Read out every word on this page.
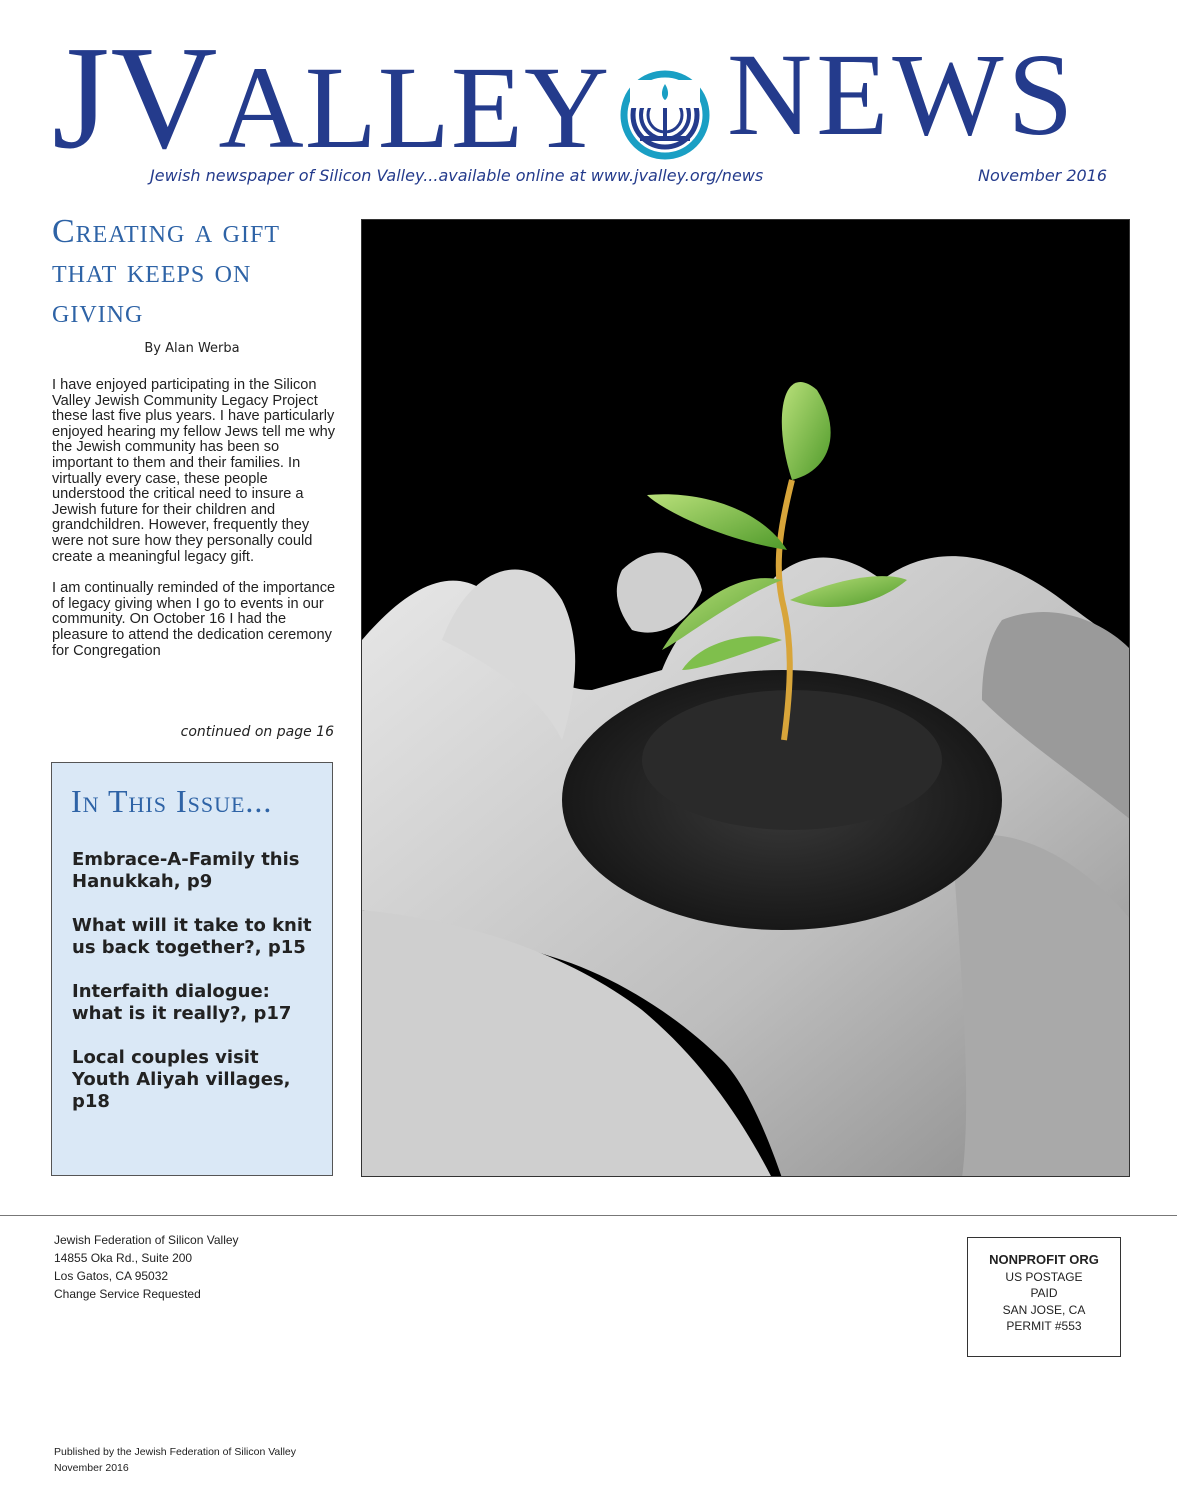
JVALLEY NEWS
Jewish newspaper of Silicon Valley...available online at www.jvalley.org/news	November 2016
Creating a gift that keeps on giving
By Alan Werba

I have enjoyed participating in the Silicon Valley Jewish Community Legacy Project these last five plus years. I have particularly enjoyed hearing my fellow Jews tell me why the Jewish community has been so important to them and their families. In virtually every case, these people understood the critical need to insure a Jewish future for their children and grandchildren. However, frequently they were not sure how they personally could create a meaningful legacy gift.

I am continually reminded of the importance of legacy giving when I go to events in our community. On October 16 I had the pleasure to attend the dedication ceremony for Congregation

continued on page 16
In This Issue...
Embrace-A-Family this Hanukkah, p9
What will it take to knit us back together?, p15
Interfaith dialogue: what is it really?, p17
Local couples visit Youth Aliyah villages, p18
Jewish Federation of Silicon Valley
14855 Oka Rd., Suite 200
Los Gatos, CA 95032
Change Service Requested
NONPROFIT ORG
US POSTAGE
PAID
SAN JOSE, CA
PERMIT #553
Published by the Jewish Federation of Silicon Valley
November 2016
